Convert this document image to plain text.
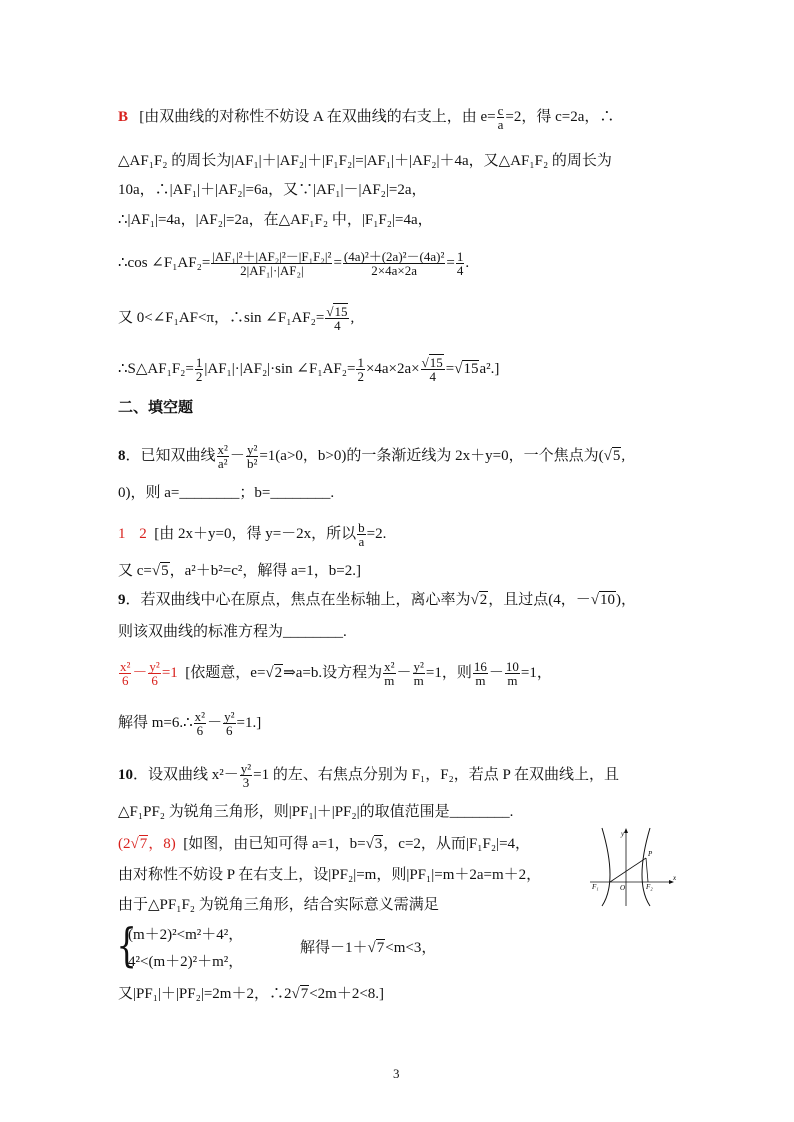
B [由双曲线的对称性不妨设 A 在双曲线的右支上，由 $e= \frac{c}{a} =2$，得 c=2a，∴
△AF₁F₂ 的周长为|AF₁|＋|AF₂|＋|F₁F₂|=|AF₁|＋|AF₂|＋4a，又△AF₁F₂ 的周长为
10a，∴|AF₁|＋|AF₂|=6a，又∵|AF₁|－|AF₂|=2a，
∴|AF₁|=4a，|AF₂|=2a，在△AF₁F₂ 中，|F₁F₂|=4a，
∴cos ∠F₁AF₂= $\frac{\text{|AF₁|²＋|AF₂|²－|F₁F₂|²}}{\text{2|AF₁|·|AF₂|}} = \frac{\text{(4a)²＋(2a)²－(4a)²}}{2\times 4a\times 2a} = \frac{1}{4}$ .
又 0<∠F₁AF<π，∴sin ∠F₁AF₂= $\frac{√15}{4}$ ,
∴S△AF₁F₂= $\frac{1}{2} |AF_1|\cdot|AF_2|\cdot\sin$ ∠F₁AF₂= $\frac{1}{2} \times 4a\times 2a\times \frac{√15}{4} =√15a^2$.]
二、填空题
8．已知双曲线 $\frac{\text{x²}}{\text{a²}} - \frac{\text{y²}}{\text{b²}} =1(a>0$，b>0)的一条渐近线为 2x＋y=0，一个焦点为(√5,
0)，则 a=________；b=________.
1 2 [由 2x＋y=0，得 y=－2x，所以 $\frac{b}{a} =2$.
又 c=√5，a²＋b²=c²，解得 a=1，b=2.]
9．若双曲线中心在原点，焦点在坐标轴上，离心率为√2，且过点(4，－√10)，
则该双曲线的标准方程为________.
$\frac{\text{x²}}{6} - \frac{\text{y²}}{6} =1$ [依题意，e=√2⇒a=b.设方程为 $\frac{\text{x²}}{m} - \frac{\text{y²}}{m} =1$，则 $\frac{16}{m} - \frac{10}{m} =1$，
解得 m=6.∴ $\frac{\text{x²}}{6} - \frac{\text{y²}}{6} =1$.]
10．设双曲线 $x^2- \frac{\text{y²}}{3} =1$ 的左、右焦点分别为 F₁，F₂，若点 P 在双曲线上，且
△F₁PF₂ 为锐角三角形，则|PF₁|＋|PF₂|的取值范围是________.
(2√7，8) [如图，由已知可得 a=1，b=√3，c=2，从而|F₁F₂|=4，
由对称性不妨设 P 在右支上，设|PF₂|=m，则|PF₁|=m＋2a=m＋2，
由于△PF₁F₂ 为锐角三角形，结合实际意义需满足
{
(m＋2)²<m²＋4²，
4²<(m＋2)²＋m²，
解得－1＋√7<m<3，
又|PF₁|＋|PF₂|=2m＋2，∴2√7<2m＋2<8.]
y
x
O
P
F₁	F₂
3
